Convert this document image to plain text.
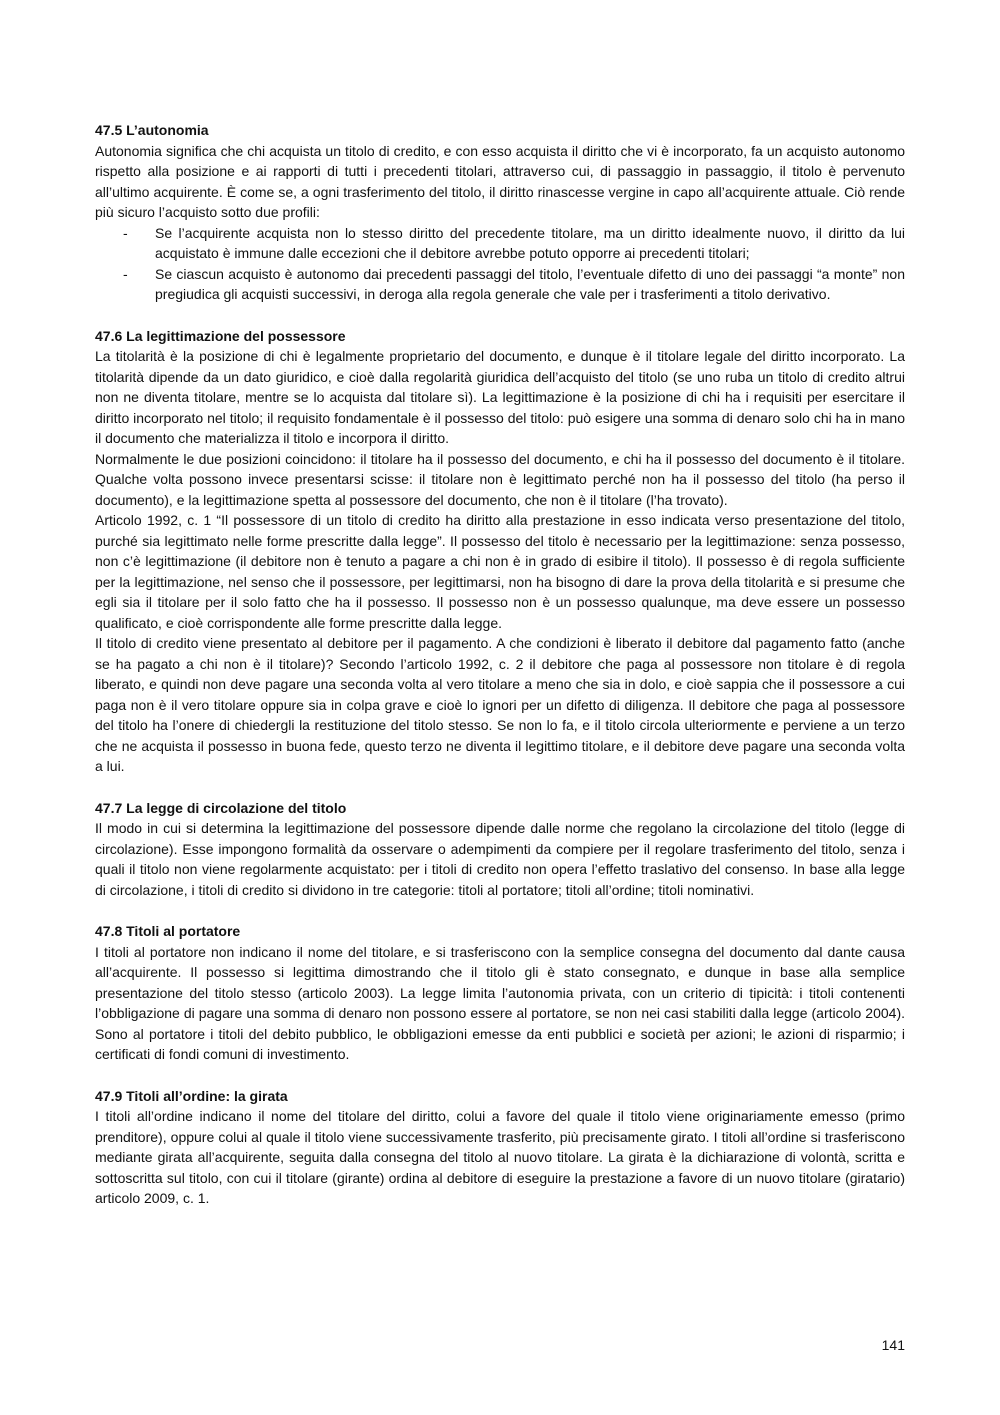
47.5 L’autonomia

Autonomia significa che chi acquista un titolo di credito, e con esso acquista il diritto che vi è incorporato, fa un acquisto autonomo rispetto alla posizione e ai rapporti di tutti i precedenti titolari, attraverso cui, di passaggio in passaggio, il titolo è pervenuto all’ultimo acquirente. È come se, a ogni trasferimento del titolo, il diritto rinascesse vergine in capo all’acquirente attuale. Ciò rende più sicuro l’acquisto sotto due profili:

- Se l’acquirente acquista non lo stesso diritto del precedente titolare, ma un diritto idealmente nuovo, il diritto da lui acquistato è immune dalle eccezioni che il debitore avrebbe potuto opporre ai precedenti titolari;
- Se ciascun acquisto è autonomo dai precedenti passaggi del titolo, l’eventuale difetto di uno dei passaggi “a monte” non pregiudica gli acquisti successivi, in deroga alla regola generale che vale per i trasferimenti a titolo derivativo.

47.6 La legittimazione del possessore

La titolarità è la posizione di chi è legalmente proprietario del documento, e dunque è il titolare legale del diritto incorporato. La titolarità dipende da un dato giuridico, e cioè dalla regolarità giuridica dell’acquisto del titolo (se uno ruba un titolo di credito altrui non ne diventa titolare, mentre se lo acquista dal titolare sì). La legittimazione è la posizione di chi ha i requisiti per esercitare il diritto incorporato nel titolo; il requisito fondamentale è il possesso del titolo: può esigere una somma di denaro solo chi ha in mano il documento che materializza il titolo e incorpora il diritto.

Normalmente le due posizioni coincidono: il titolare ha il possesso del documento, e chi ha il possesso del documento è il titolare. Qualche volta possono invece presentarsi scisse: il titolare non è legittimato perché non ha il possesso del titolo (ha perso il documento), e la legittimazione spetta al possessore del documento, che non è il titolare (l’ha trovato).

Articolo 1992, c. 1 “Il possessore di un titolo di credito ha diritto alla prestazione in esso indicata verso presentazione del titolo, purché sia legittimato nelle forme prescritte dalla legge”. Il possesso del titolo è necessario per la legittimazione: senza possesso, non c’è legittimazione (il debitore non è tenuto a pagare a chi non è in grado di esibire il titolo). Il possesso è di regola sufficiente per la legittimazione, nel senso che il possessore, per legittimarsi, non ha bisogno di dare la prova della titolarità e si presume che egli sia il titolare per il solo fatto che ha il possesso. Il possesso non è un possesso qualunque, ma deve essere un possesso qualificato, e cioè corrispondente alle forme prescritte dalla legge.

Il titolo di credito viene presentato al debitore per il pagamento. A che condizioni è liberato il debitore dal pagamento fatto (anche se ha pagato a chi non è il titolare)? Secondo l’articolo 1992, c. 2 il debitore che paga al possessore non titolare è di regola liberato, e quindi non deve pagare una seconda volta al vero titolare a meno che sia in dolo, e cioè sappia che il possessore a cui paga non è il vero titolare oppure sia in colpa grave e cioè lo ignori per un difetto di diligenza. Il debitore che paga al possessore del titolo ha l’onere di chiedergli la restituzione del titolo stesso. Se non lo fa, e il titolo circola ulteriormente e perviene a un terzo che ne acquista il possesso in buona fede, questo terzo ne diventa il legittimo titolare, e il debitore deve pagare una seconda volta a lui.

47.7 La legge di circolazione del titolo

Il modo in cui si determina la legittimazione del possessore dipende dalle norme che regolano la circolazione del titolo (legge di circolazione). Esse impongono formalità da osservare o adempimenti da compiere per il regolare trasferimento del titolo, senza i quali il titolo non viene regolarmente acquistato: per i titoli di credito non opera l’effetto traslativo del consenso. In base alla legge di circolazione, i titoli di credito si dividono in tre categorie: titoli al portatore; titoli all’ordine; titoli nominativi.

47.8 Titoli al portatore

I titoli al portatore non indicano il nome del titolare, e si trasferiscono con la semplice consegna del documento dal dante causa all’acquirente. Il possesso si legittima dimostrando che il titolo gli è stato consegnato, e dunque in base alla semplice presentazione del titolo stesso (articolo 2003). La legge limita l’autonomia privata, con un criterio di tipicità: i titoli contenenti l’obbligazione di pagare una somma di denaro non possono essere al portatore, se non nei casi stabiliti dalla legge (articolo 2004). Sono al portatore i titoli del debito pubblico, le obbligazioni emesse da enti pubblici e società per azioni; le azioni di risparmio; i certificati di fondi comuni di investimento.

47.9 Titoli all’ordine: la girata

I titoli all’ordine indicano il nome del titolare del diritto, colui a favore del quale il titolo viene originariamente emesso (primo prenditore), oppure colui al quale il titolo viene successivamente trasferito, più precisamente girato. I titoli all’ordine si trasferiscono mediante girata all’acquirente, seguita dalla consegna del titolo al nuovo titolare. La girata è la dichiarazione di volontà, scritta e sottoscritta sul titolo, con cui il titolare (girante) ordina al debitore di eseguire la prestazione a favore di un nuovo titolare (giratario) articolo 2009, c. 1.

141
